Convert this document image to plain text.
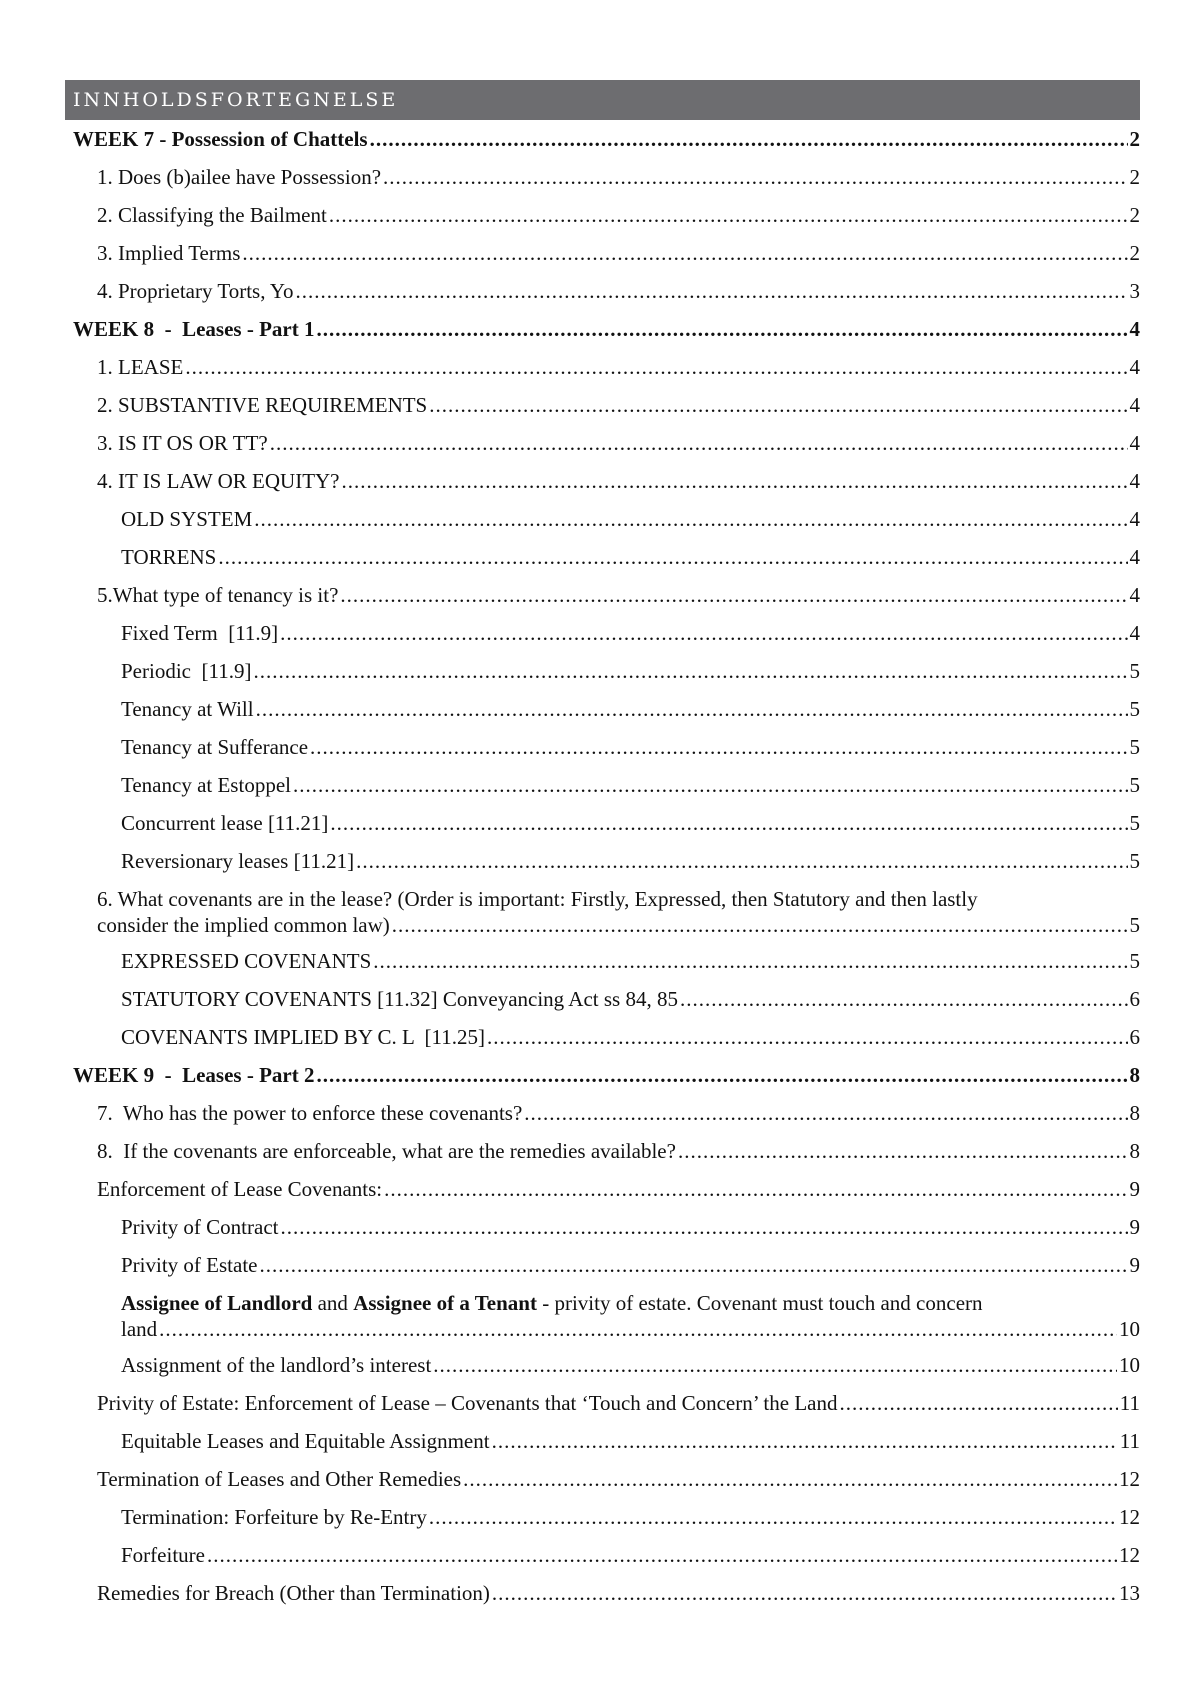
INNHOLDSFORTEGNELSE
WEEK 7 - Possession of Chattels .....	2
1. Does (b)ailee have Possession? .....	2
2. Classifying the Bailment .....	2
3. Implied Terms .....	2
4. Proprietary Torts, Yo .....	3
WEEK 8  -  Leases - Part 1 .....	4
1. LEASE .....	4
2. SUBSTANTIVE REQUIREMENTS .....	4
3. IS IT OS OR TT? .....	4
4. IT IS LAW OR EQUITY? .....	4
OLD SYSTEM .....	4
TORRENS .....	4
5.What type of tenancy is it? .....	4
Fixed Term  [11.9] .....	4
Periodic  [11.9] .....	5
Tenancy at Will .....	5
Tenancy at Sufferance .....	5
Tenancy at Estoppel .....	5
Concurrent lease [11.21] .....	5
Reversionary leases [11.21] .....	5
6. What covenants are in the lease? (Order is important: Firstly, Expressed, then Statutory and then lastly
consider the implied common law) .....	5
EXPRESSED COVENANTS .....	5
STATUTORY COVENANTS [11.32] Conveyancing Act ss 84, 85 .....	6
COVENANTS IMPLIED BY C. L  [11.25] .....	6
WEEK 9  -  Leases - Part 2 .....	8
7.  Who has the power to enforce these covenants? .....	8
8.  If the covenants are enforceable, what are the remedies available? .....	8
Enforcement of Lease Covenants: .....	9
Privity of Contract .....	9
Privity of Estate .....	9
Assignee of Landlord and Assignee of a Tenant - privity of estate. Covenant must touch and concern
land .....	10
Assignment of the landlord’s interest .....	10
Privity of Estate: Enforcement of Lease – Covenants that ‘Touch and Concern’ the Land .....	11
Equitable Leases and Equitable Assignment .....	11
Termination of Leases and Other Remedies .....	12
Termination: Forfeiture by Re-Entry .....	12
Forfeiture .....	12
Remedies for Breach (Other than Termination) .....	13
